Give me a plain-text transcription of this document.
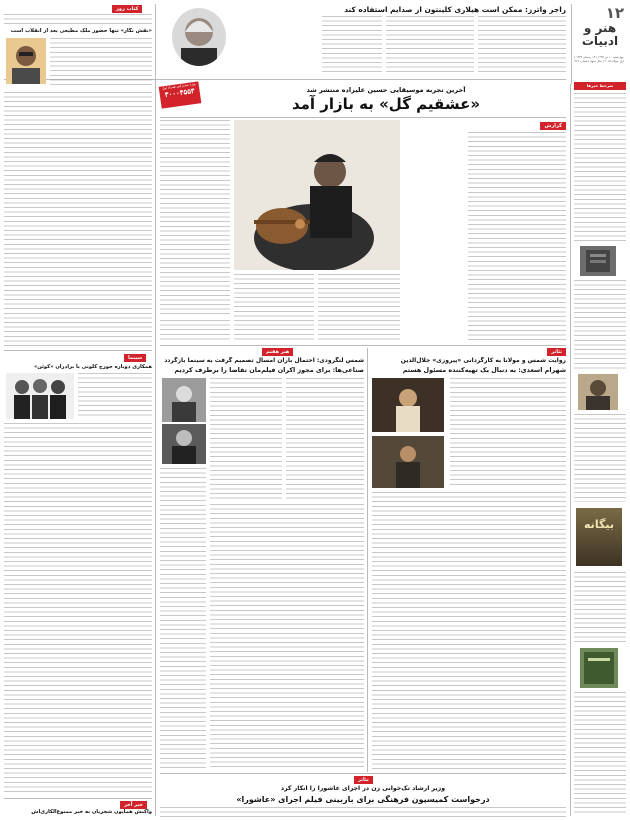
۱۲
هنر و ادبیات
چهارشنبه ۱۰ تیر ۱۳۹۴ | ۱۴ رمضان ۱۴۳۶ | اول جولای ۲۰۱۵ | سال سوم | شماره ۳۱۳
سرخط خبرها
بیگانه
راجر واترز: ممکن است هیلاری کلینتون از صدایم استفاده کند
کتاب روز
«نقش نگار» تنها حضور ملک مطیعی بعد از انقلاب است
سینما
همکاری دوباره جورج کلونی با برادران «کوئن»
خبر آخر
واکنش همایون شجریان به خبر ممنوع‌الکاری‌اش
ویژه مشترکین همراه اول
۳۰۰۰۴۵۵۳	آخرین تجربه موسیقایی حسین علیزاده منتشر شد
«عشقیم گل» به بازار آمد
گزارش
هنر هفتم
شمس لنگرودی: احتمال باران امسال تصمیم گرفت به سینما بازگردد
صناعی‌ها: برای مجوز اکران فیلم‌مان تقاضا را برطرف کردیم
تئاتر
روایت شمس و مولانا به کارگردانی «پیروزی» جلال‌الدین
شهرام اسعدی: به دنبال یک تهیه‌کننده مسئول هستم
تئاتر
وزیر ارشاد تک‌خوانی زن در اجرای عاشورا را انکار کرد
درخواست کمیسیون فرهنگی برای بازبینی فیلم اجرای «عاشورا»
